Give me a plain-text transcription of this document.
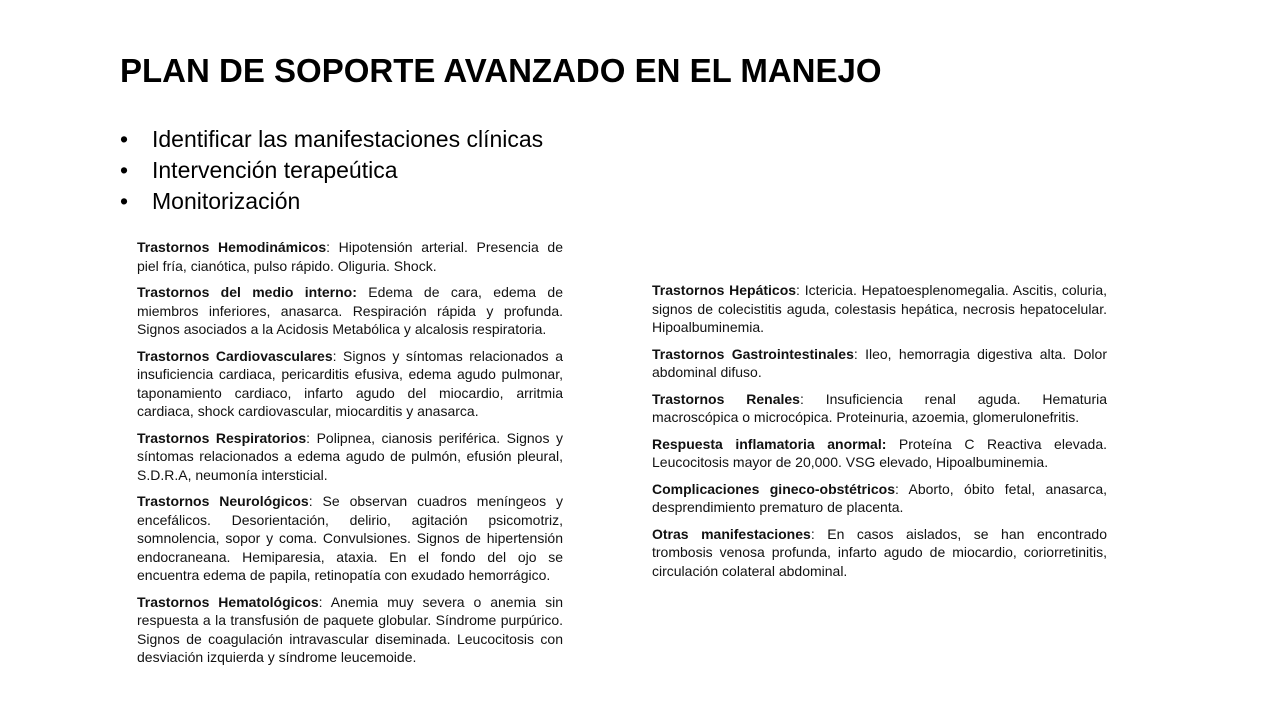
PLAN DE SOPORTE AVANZADO EN EL MANEJO
• Identificar las manifestaciones clínicas
• Intervención terapeútica
• Monitorización

Trastornos Hemodinámicos: Hipotensión arterial. Presencia de piel fría, cianótica, pulso rápido. Oliguria. Shock.

Trastornos del medio interno: Edema de cara, edema de miembros inferiores, anasarca. Respiración rápida y profunda. Signos asociados a la Acidosis Metabólica y alcalosis respiratoria.

Trastornos Cardiovasculares: Signos y síntomas relacionados a insuficiencia cardiaca, pericarditis efusiva, edema agudo pulmonar, taponamiento cardiaco, infarto agudo del miocardio, arritmia cardiaca, shock cardiovascular, miocarditis y anasarca.

Trastornos Respiratorios: Polipnea, cianosis periférica. Signos y síntomas relacionados a edema agudo de pulmón, efusión pleural, S.D.R.A, neumonía intersticial.

Trastornos Neurológicos: Se observan cuadros meníngeos y encefálicos. Desorientación, delirio, agitación psicomotriz, somnolencia, sopor y coma. Convulsiones. Signos de hipertensión endocraneana. Hemiparesia, ataxia. En el fondo del ojo se encuentra edema de papila, retinopatía con exudado hemorrágico.

Trastornos Hematológicos: Anemia muy severa o anemia sin respuesta a la transfusión de paquete globular. Síndrome purpúrico. Signos de coagulación intravascular diseminada. Leucocitosis con desviación izquierda y síndrome leucemoide.

Trastornos Hepáticos: Ictericia. Hepatoesplenomegalia. Ascitis, coluria, signos de colecistitis aguda, colestasis hepática, necrosis hepatocelular. Hipoalbuminemia.

Trastornos Gastrointestinales: Ileo, hemorragia digestiva alta. Dolor abdominal difuso.

Trastornos Renales: Insuficiencia renal aguda. Hematuria macroscópica o microcópica. Proteinuria, azoemia, glomerulonefritis.

Respuesta inflamatoria anormal: Proteína C Reactiva elevada. Leucocitosis mayor de 20,000. VSG elevado, Hipoalbuminemia.

Complicaciones gineco-obstétricos: Aborto, óbito fetal, anasarca, desprendimiento prematuro de placenta.

Otras manifestaciones: En casos aislados, se han encontrado trombosis venosa profunda, infarto agudo de miocardio, coriorretinitis, circulación colateral abdominal.
